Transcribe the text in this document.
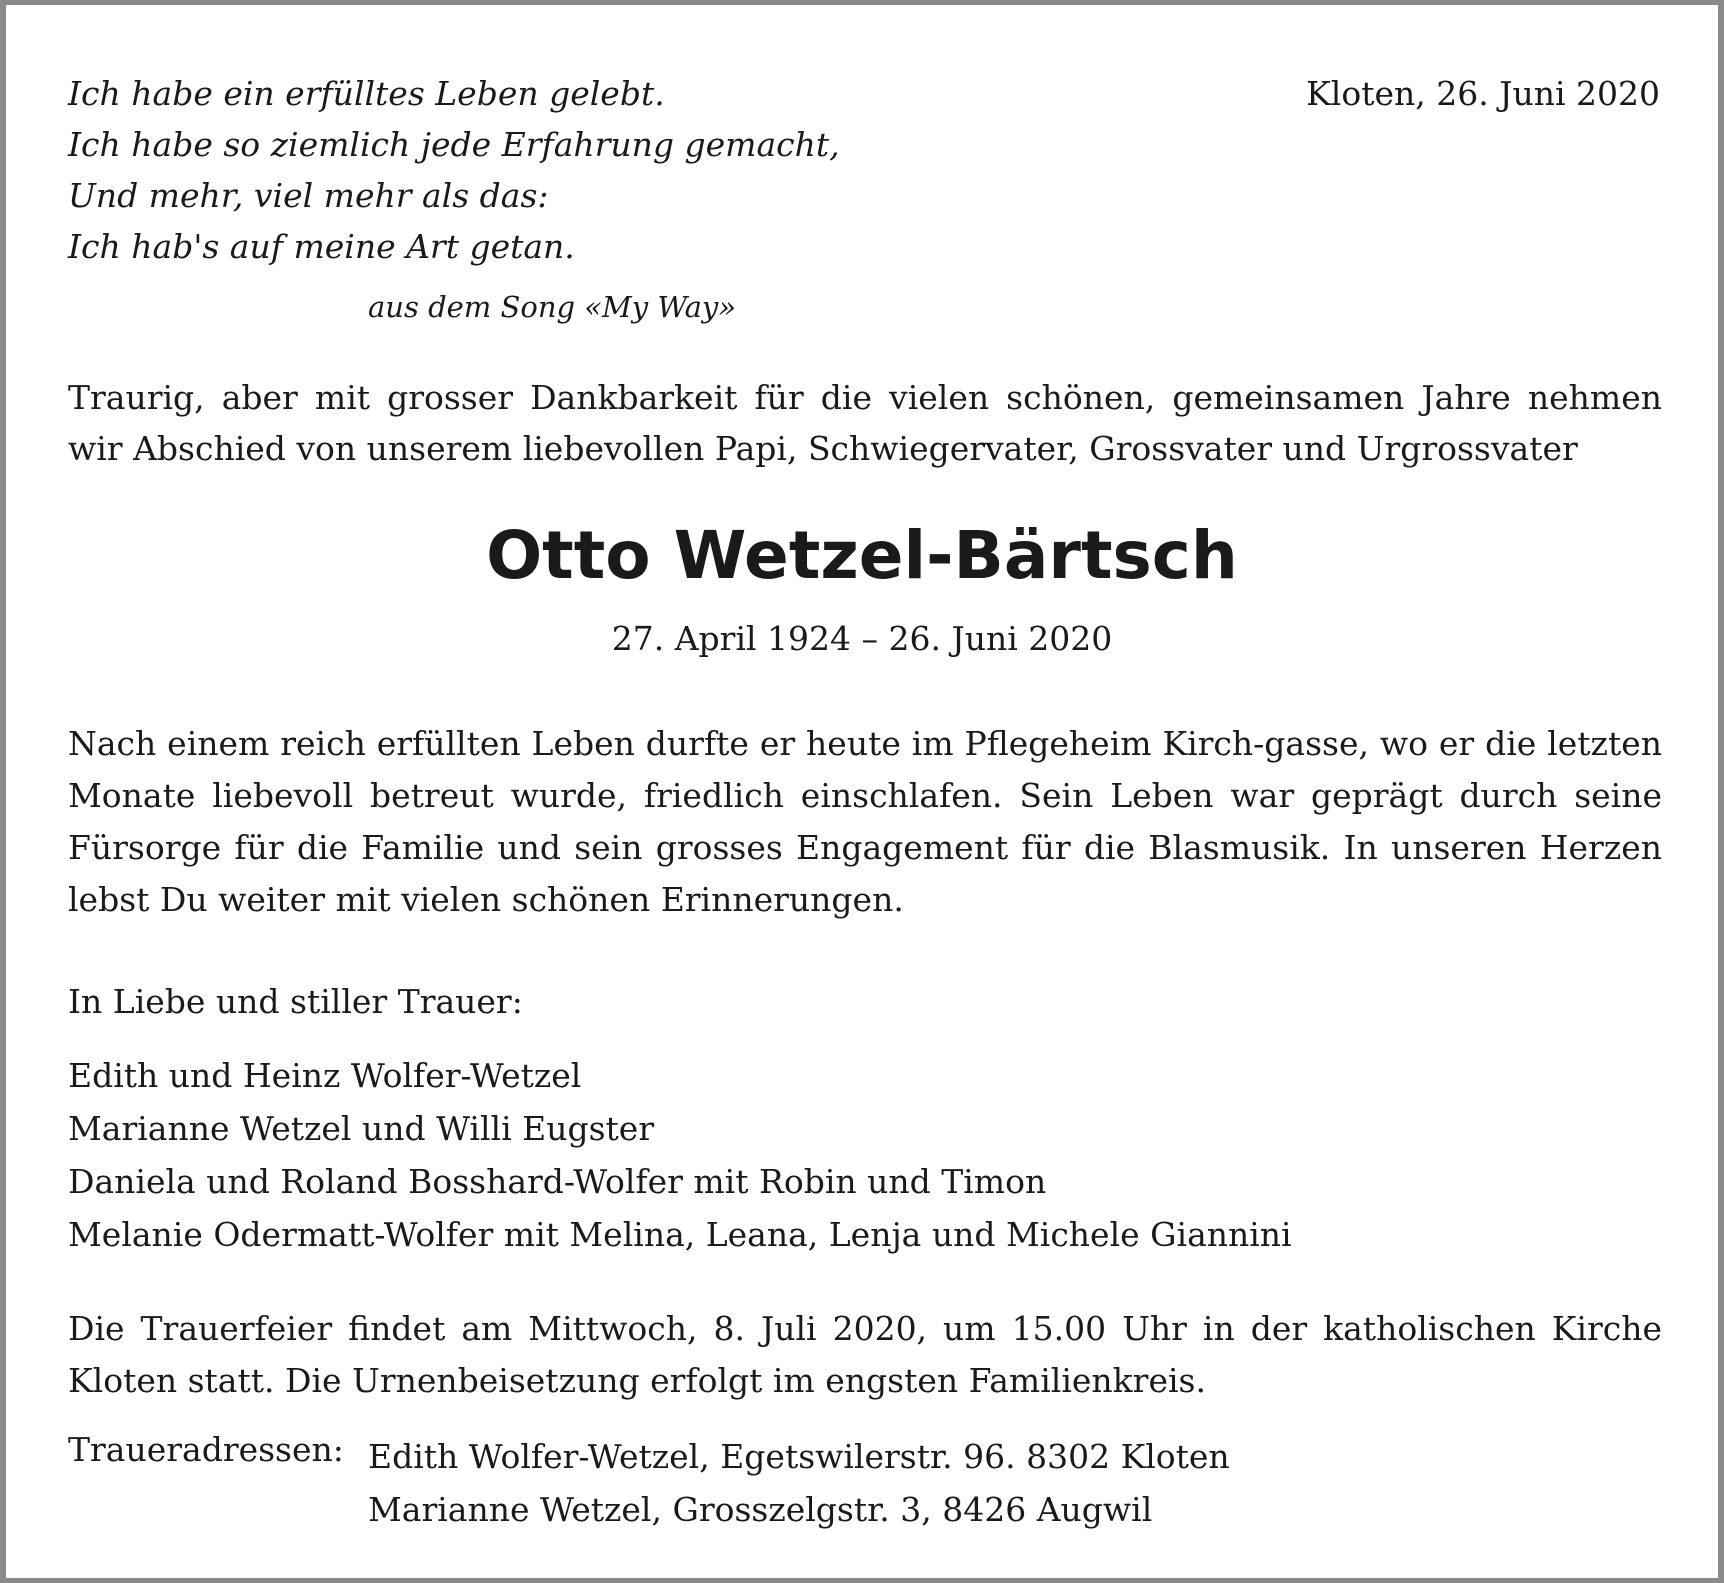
Ich habe ein erfülltes Leben gelebt.
Ich habe so ziemlich jede Erfahrung gemacht,
Und mehr, viel mehr als das:
Ich hab's auf meine Art getan.
aus dem Song «My Way»
Kloten, 26. Juni 2020
Traurig, aber mit grosser Dankbarkeit für die vielen schönen, gemeinsamen Jahre nehmen
wir Abschied von unserem liebevollen Papi, Schwiegervater, Grossvater und Urgrossvater
Otto Wetzel-Bärtsch
27. April 1924 – 26. Juni 2020
Nach einem reich erfüllten Leben durfte er heute im Pflegeheim Kirch-gasse, wo er die letzten
Monate liebevoll betreut wurde, friedlich einschlafen. Sein Leben war geprägt durch seine
Fürsorge für die Familie und sein grosses Engagement für die Blasmusik. In unseren Herzen
lebst Du weiter mit vielen schönen Erinnerungen.
In Liebe und stiller Trauer:
Edith und Heinz Wolfer-Wetzel
Marianne Wetzel und Willi Eugster
Daniela und Roland Bosshard-Wolfer mit Robin und Timon
Melanie Odermatt-Wolfer mit Melina, Leana, Lenja und Michele Giannini
Die Trauerfeier findet am Mittwoch, 8. Juli 2020, um 15.00 Uhr in der katholischen Kirche
Kloten statt. Die Urnenbeisetzung erfolgt im engsten Familienkreis.
Traueradressen: Edith Wolfer-Wetzel, Egetswilerstr. 96. 8302 Kloten
Marianne Wetzel, Grosszelgstr. 3, 8426 Augwil
